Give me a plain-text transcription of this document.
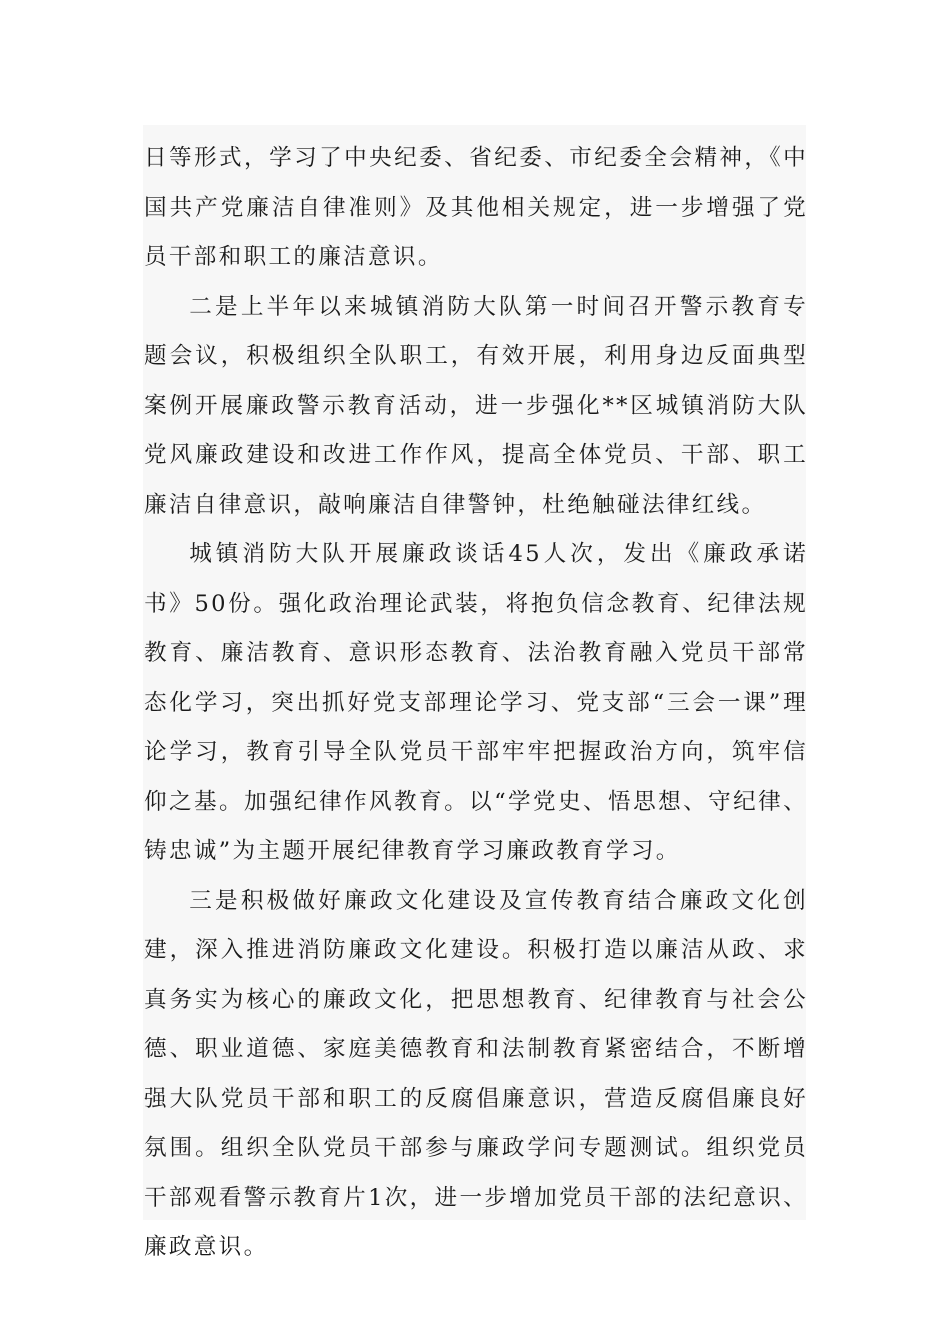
日等形式，学习了中央纪委、省纪委、市纪委全会精神，《中国共产党廉洁自律准则》及其他相关规定，进一步增强了党员干部和职工的廉洁意识。

二是上半年以来城镇消防大队第一时间召开警示教育专题会议，积极组织全队职工，有效开展，利用身边反面典型案例开展廉政警示教育活动，进一步强化**区城镇消防大队党风廉政建设和改进工作作风，提高全体党员、干部、职工廉洁自律意识，敲响廉洁自律警钟，杜绝触碰法律红线。

城镇消防大队开展廉政谈话45人次，发出《廉政承诺书》50份。强化政治理论武装，将抱负信念教育、纪律法规教育、廉洁教育、意识形态教育、法治教育融入党员干部常态化学习，突出抓好党支部理论学习、党支部“三会一课”理论学习，教育引导全队党员干部牢牢把握政治方向，筑牢信仰之基。加强纪律作风教育。以“学党史、悟思想、守纪律、铸忠诚”为主题开展纪律教育学习廉政教育学习。

三是积极做好廉政文化建设及宣传教育结合廉政文化创建，深入推进消防廉政文化建设。积极打造以廉洁从政、求真务实为核心的廉政文化，把思想教育、纪律教育与社会公德、职业道德、家庭美德教育和法制教育紧密结合，不断增强大队党员干部和职工的反腐倡廉意识，营造反腐倡廉良好氛围。组织全队党员干部参与廉政学问专题测试。组织党员干部观看警示教育片1次，进一步增加党员干部的法纪意识、廉政意识。
